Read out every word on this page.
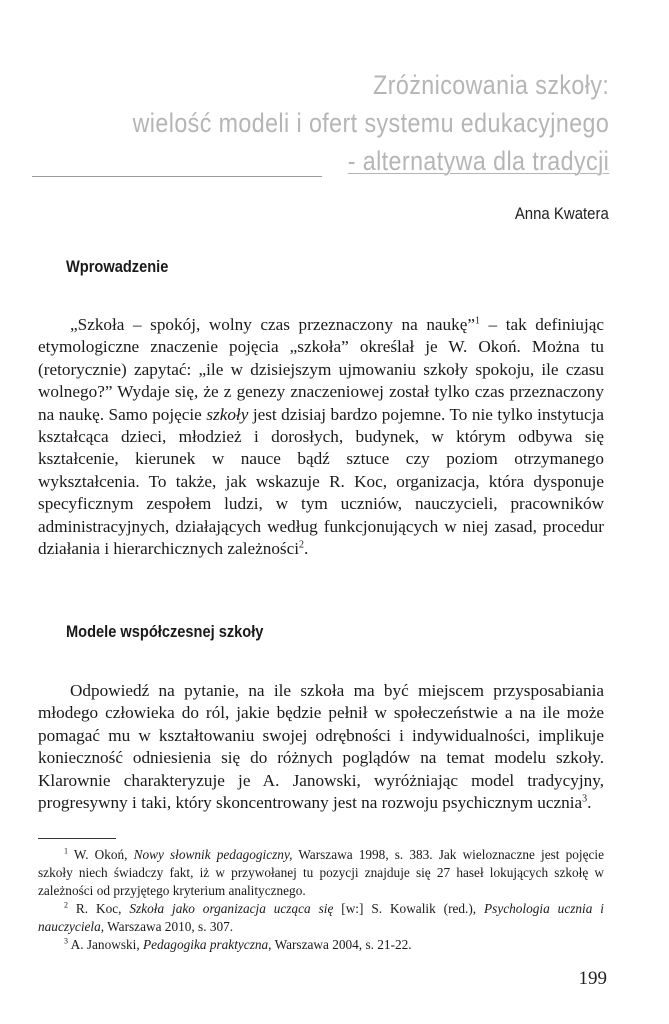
Zróżnicowania szkoły:
wielość modeli i ofert systemu edukacyjnego
- alternatywa dla tradycji
Anna Kwatera
Wprowadzenie

„Szkoła – spokój, wolny czas przeznaczony na naukę”$^1$ – tak definiując etymologiczne znaczenie pojęcia „szkoła” określał je W. Okoń. Można tu (retorycznie) zapytać: „ile w dzisiejszym ujmowaniu szkoły spokoju, ile czasu wolnego?” Wydaje się, że z genezy znaczeniowej został tylko czas przeznaczony na naukę. Samo pojęcie szkoły jest dzisiaj bardzo pojemne. To nie tylko instytucja kształcąca dzieci, młodzież i dorosłych, budynek, w którym odbywa się kształcenie, kierunek w nauce bądź sztuce czy poziom otrzymanego wykształcenia. To także, jak wskazuje R. Koc, organizacja, która dysponuje specyficznym zespołem ludzi, w tym uczniów, nauczycieli, pracowników administracyjnych, działających według funkcjonujących w niej zasad, procedur działania i hierarchicznych zależności$^2$.

Modele współczesnej szkoły

Odpowiedź na pytanie, na ile szkoła ma być miejscem przysposabiania młodego człowieka do ról, jakie będzie pełnił w społeczeństwie a na ile może pomagać mu w kształtowaniu swojej odrębności i indywidualności, implikuje konieczność odniesienia się do różnych poglądów na temat modelu szkoły. Klarownie charakteryzuje je A. Janowski, wyróżniając model tradycyjny, progresywny i taki, który skoncentrowany jest na rozwoju psychicznym ucznia$^3$.

$^1$ W. Okoń, Nowy słownik pedagogiczny, Warszawa 1998, s. 383. Jak wieloznaczne jest pojęcie szkoły niech świadczy fakt, iż w przywołanej tu pozycji znajduje się 27 haseł lokujących szkołę w zależności od przyjętego kryterium analitycznego.

$^2$ R. Koc, Szkoła jako organizacja ucząca się [w:] S. Kowalik (red.), Psychologia ucznia i nauczyciela, Warszawa 2010, s. 307.

$^3$ A. Janowski, Pedagogika praktyczna, Warszawa 2004, s. 21-22.

199
